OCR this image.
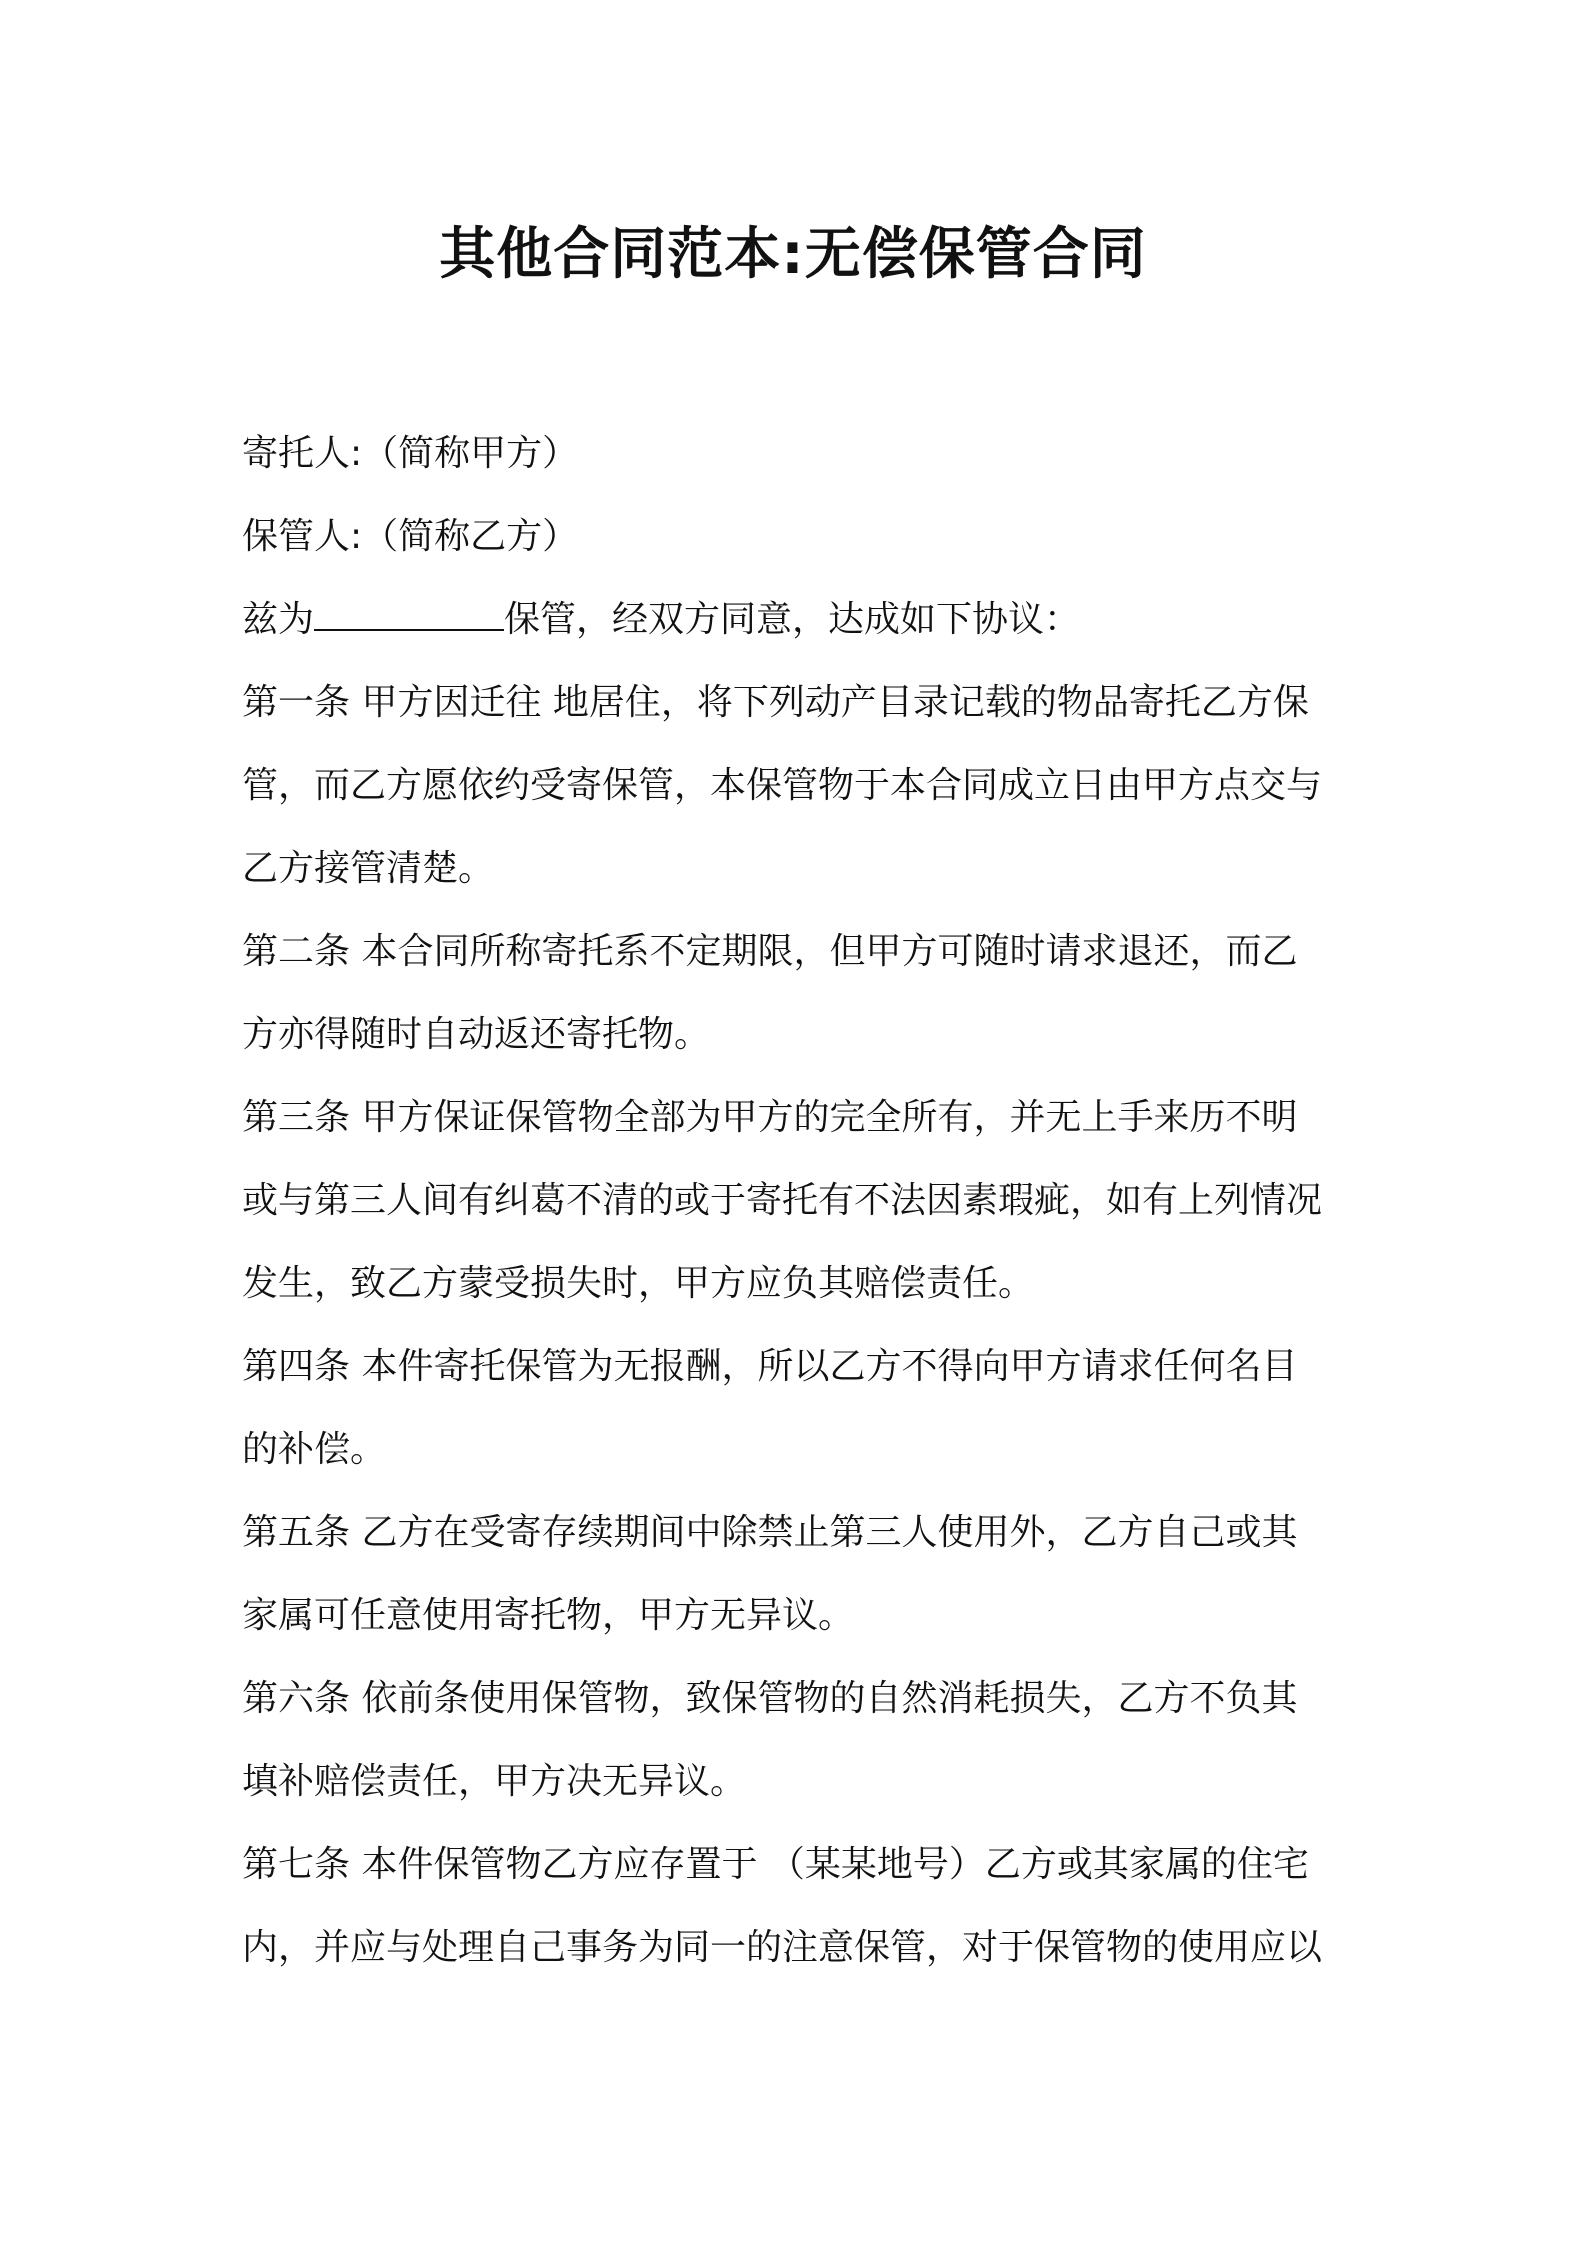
其他合同范本:无偿保管合同
寄托人:（简称甲方）
保管人:（简称乙方）
兹为	保管，经双方同意，达成如下协议：
第一条 甲方因迁往 地居住，将下列动产目录记载的物品寄托乙方保
管，而乙方愿依约受寄保管，本保管物于本合同成立日由甲方点交与
乙方接管清楚。
第二条 本合同所称寄托系不定期限，但甲方可随时请求退还，而乙
方亦得随时自动返还寄托物。
第三条 甲方保证保管物全部为甲方的完全所有，并无上手来历不明
或与第三人间有纠葛不清的或于寄托有不法因素瑕疵，如有上列情况
发生，致乙方蒙受损失时，甲方应负其赔偿责任。
第四条 本件寄托保管为无报酬，所以乙方不得向甲方请求任何名目
的补偿。
第五条 乙方在受寄存续期间中除禁止第三人使用外，乙方自己或其
家属可任意使用寄托物，甲方无异议。
第六条 依前条使用保管物，致保管物的自然消耗损失，乙方不负其
填补赔偿责任，甲方决无异议。
第七条 本件保管物乙方应存置于 （某某地号）乙方或其家属的住宅
内，并应与处理自己事务为同一的注意保管，对于保管物的使用应以
